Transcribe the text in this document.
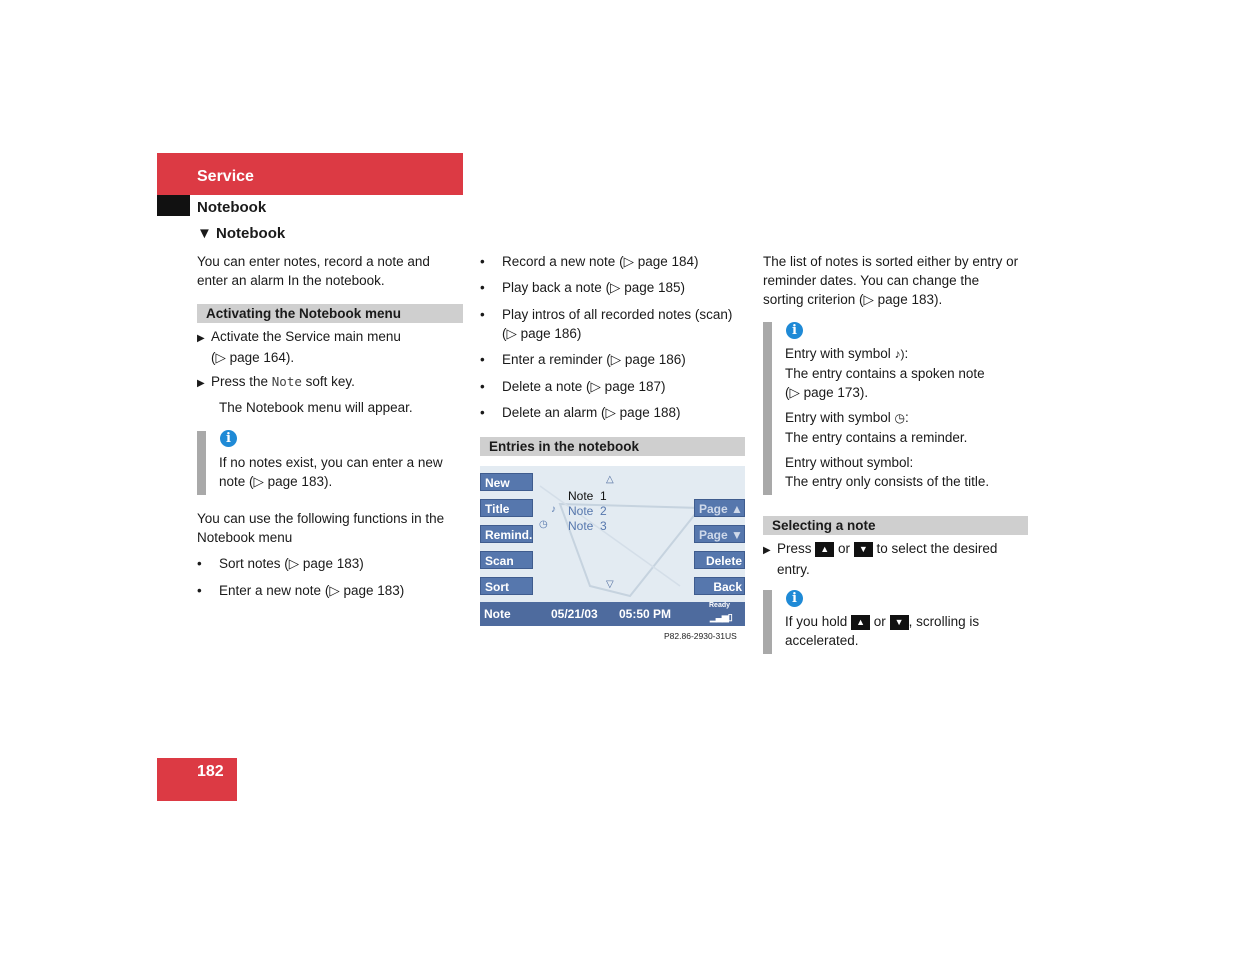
Service
Notebook
▼ Notebook

You can enter notes, record a note and
enter an alarm In the notebook.

Activating the Notebook menu

▶ Activate the Service main menu
(▷ page 164).

▶ Press the Note soft key.

The Notebook menu will appear.

i

If no notes exist, you can enter a new
note (▷ page 183).

You can use the following functions in the
Notebook menu

• Sort notes (▷ page 183)

• Enter a new note (▷ page 183)

• Record a new note (▷ page 184)

• Play back a note (▷ page 185)

• Play intros of all recorded notes (scan)
(▷ page 186)

• Enter a reminder (▷ page 186)

• Delete a note (▷ page 187)

• Delete an alarm (▷ page 188)

Entries in the notebook
New
Title
Remind.
Scan
Sort
Page ▲
Page ▼
Delete
Back
△
▽
Note  1
♪ Note  2
◷ Note  3
Note	05/21/03 05:50 PM
Ready
▁▃▅▯
P82.86-2930-31US

The list of notes is sorted either by entry or
reminder dates. You can change the
sorting criterion (▷ page 183).

i

Entry with symbol ♪):
The entry contains a spoken note
(▷ page 173).

Entry with symbol ◷:
The entry contains a reminder.

Entry without symbol:
The entry only consists of the title.

Selecting a note

▶ Press ▲ or ▼ to select the desired
entry.

i

If you hold ▲ or ▼ , scrolling is
accelerated.

182
